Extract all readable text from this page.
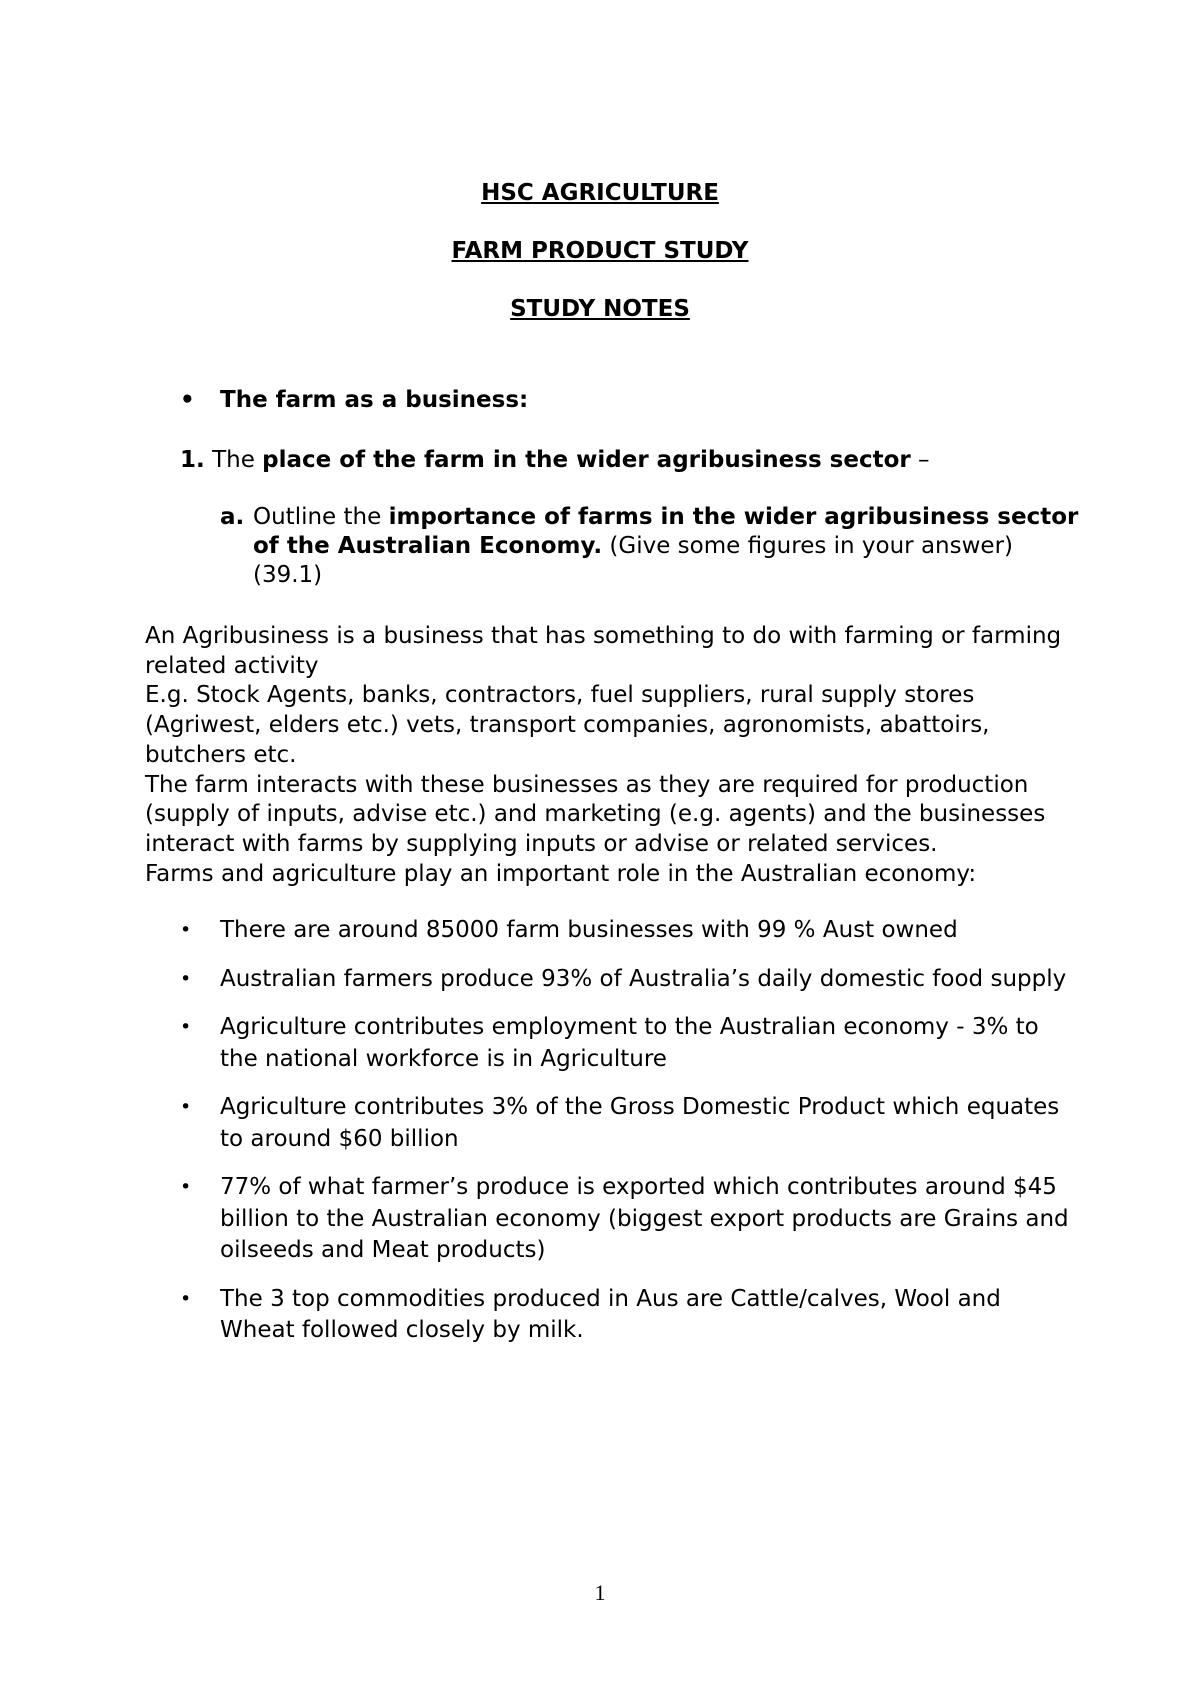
HSC AGRICULTURE
FARM PRODUCT STUDY
STUDY NOTES
• The farm as a business:
1. The place of the farm in the wider agribusiness sector –
a. Outline the importance of farms in the wider agribusiness sector of the Australian Economy. (Give some figures in your answer) (39.1)

An Agribusiness is a business that has something to do with farming or farming related activity

E.g. Stock Agents, banks, contractors, fuel suppliers, rural supply stores (Agriwest, elders etc.) vets, transport companies, agronomists, abattoirs, butchers etc.

The farm interacts with these businesses as they are required for production (supply of inputs, advise etc.) and marketing (e.g. agents) and the businesses interact with farms by supplying inputs or advise or related services.

Farms and agriculture play an important role in the Australian economy:

• There are around 85000 farm businesses with 99 % Aust owned
• Australian farmers produce 93% of Australia’s daily domestic food supply
• Agriculture contributes employment to the Australian economy - 3% to the national workforce is in Agriculture
• Agriculture contributes 3% of the Gross Domestic Product which equates to around $60 billion
• 77% of what farmer’s produce is exported which contributes around $45 billion to the Australian economy (biggest export products are Grains and oilseeds and Meat products)
• The 3 top commodities produced in Aus are Cattle/calves, Wool and Wheat followed closely by milk.
1
